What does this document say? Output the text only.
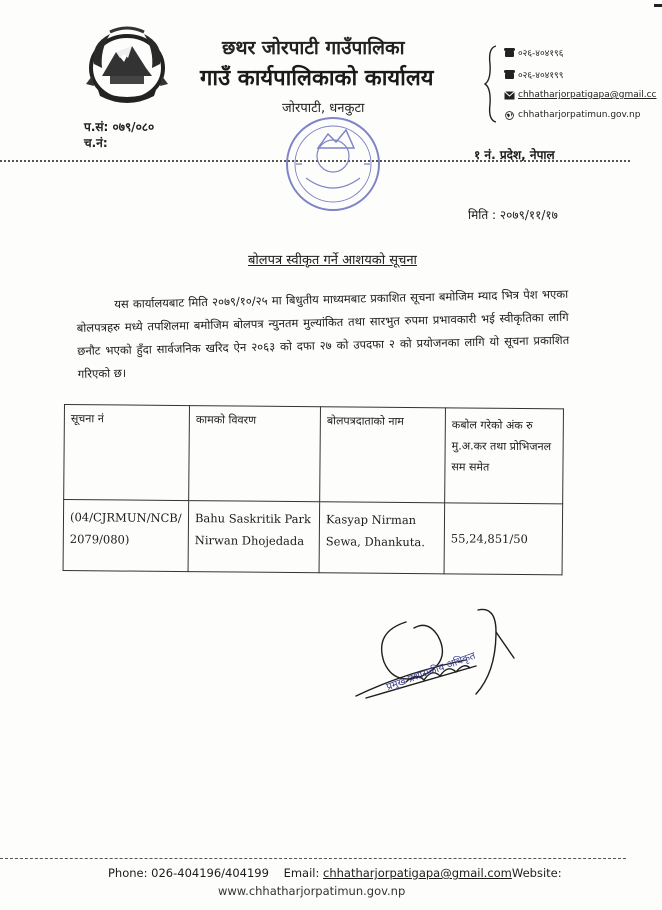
छथर जोरपाटी गाउँपालिका
गाउँ कार्यपालिकाको कार्यालय
जोरपाटी, धनकुटा
०२६-४०४१९६
०२६-४०४१९९
chhatharjorpatigapa@gmail.cc
chhatharjorpatimun.gov.np
प.सं: ०७९/०८०
च.नं:
१ नं. प्रदेश, नेपाल
मिति : २०७९/११/१७
बोलपत्र स्वीकृत गर्ने आशयको सूचना

यस कार्यालयबाट मिति २०७९/१०/२५ मा बिधुतीय माध्यमबाट प्रकाशित सूचना बमोजिम म्याद भित्र पेश भएका बोलपत्रहरु मध्ये तपशिलमा बमोजिम बोलपत्र न्युनतम मुल्यांकित तथा सारभुत रुपमा प्रभावकारी भई स्वीकृतिका लागि छनौट भएको हुँदा सार्वजनिक खरिद ऐन २०६३ को दफा २७ को उपदफा २ को प्रयोजनका लागि यो सूचना प्रकाशित गरिएको छ।

सूचना नं	कामको विवरण	बोलपत्रदाताको नाम	कबोल गरेको अंक रु मु.अ.कर तथा प्रोभिजनल सम समेत
(04/CJRMUN/NCB/ 2079/080)	Bahu Saskritik Park Nirwan Dhojedada	Kasyap Nirman Sewa, Dhankuta.	55,24,851/50
प्रमुख प्रशासकीय अधिकृत
Phone: 026-404196/404199 Email: chhatharjorpatigapa@gmail.comWebsite:
www.chhatharjorpatimun.gov.np
